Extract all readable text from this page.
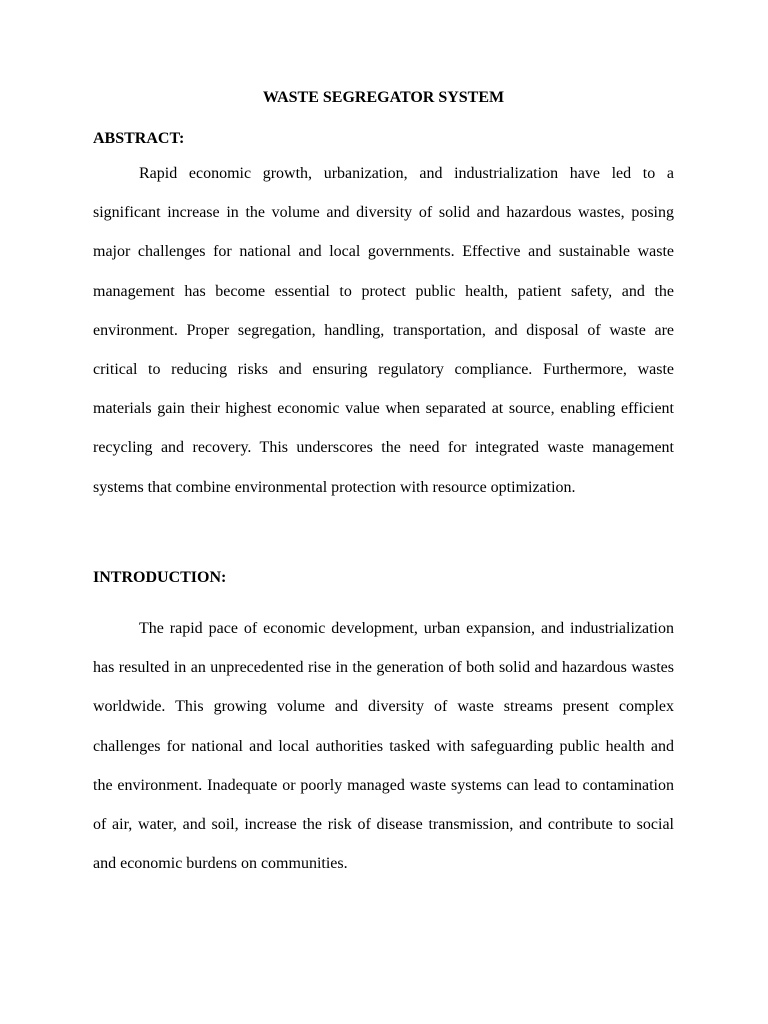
WASTE SEGREGATOR SYSTEM
ABSTRACT:

Rapid economic growth, urbanization, and industrialization have led to a significant increase in the volume and diversity of solid and hazardous wastes, posing major challenges for national and local governments. Effective and sustainable waste management has become essential to protect public health, patient safety, and the environment. Proper segregation, handling, transportation, and disposal of waste are critical to reducing risks and ensuring regulatory compliance. Furthermore, waste materials gain their highest economic value when separated at source, enabling efficient recycling and recovery. This underscores the need for integrated waste management systems that combine environmental protection with resource optimization.

INTRODUCTION:

The rapid pace of economic development, urban expansion, and industrialization has resulted in an unprecedented rise in the generation of both solid and hazardous wastes worldwide. This growing volume and diversity of waste streams present complex challenges for national and local authorities tasked with safeguarding public health and the environment. Inadequate or poorly managed waste systems can lead to contamination of air, water, and soil, increase the risk of disease transmission, and contribute to social and economic burdens on communities.
